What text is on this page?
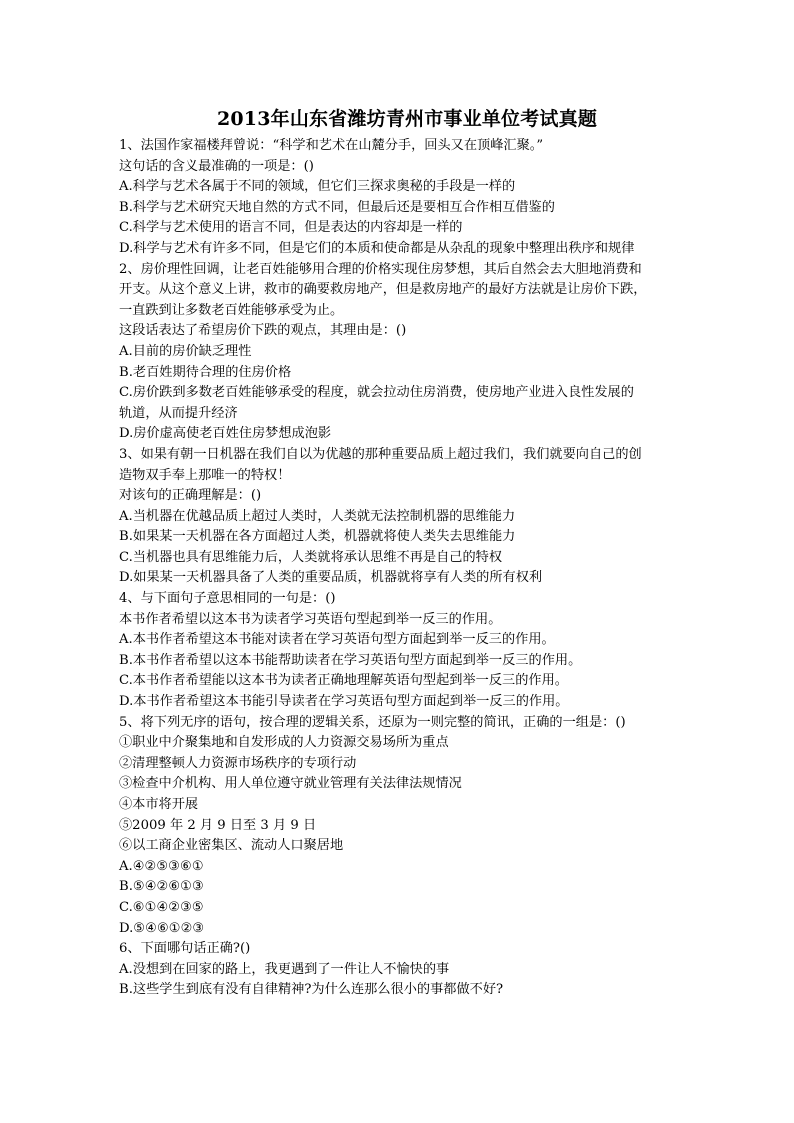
2013年山东省潍坊青州市事业单位考试真题
1、法国作家福楼拜曾说：“科学和艺术在山麓分手，回头又在顶峰汇聚。”
这句话的含义最准确的一项是：()
A.科学与艺术各属于不同的领域，但它们三探求奥秘的手段是一样的
B.科学与艺术研究天地自然的方式不同，但最后还是要相互合作相互借鉴的
C.科学与艺术使用的语言不同，但是表达的内容却是一样的
D.科学与艺术有许多不同，但是它们的本质和使命都是从杂乱的现象中整理出秩序和规律
2、房价理性回调，让老百姓能够用合理的价格实现住房梦想，其后自然会去大胆地消费和
开支。从这个意义上讲，救市的确要救房地产，但是救房地产的最好方法就是让房价下跌，
一直跌到让多数老百姓能够承受为止。
这段话表达了希望房价下跌的观点，其理由是：()
A.目前的房价缺乏理性
B.老百姓期待合理的住房价格
C.房价跌到多数老百姓能够承受的程度，就会拉动住房消费，使房地产业进入良性发展的
轨道，从而提升经济
D.房价虚高使老百姓住房梦想成泡影
3、如果有朝一日机器在我们自以为优越的那种重要品质上超过我们，我们就要向自己的创
造物双手奉上那唯一的特权！
对该句的正确理解是：()
A.当机器在优越品质上超过人类时，人类就无法控制机器的思维能力
B.如果某一天机器在各方面超过人类，机器就将使人类失去思维能力
C.当机器也具有思维能力后，人类就将承认思维不再是自己的特权
D.如果某一天机器具备了人类的重要品质，机器就将享有人类的所有权利
4、与下面句子意思相同的一句是：()
本书作者希望以这本书为读者学习英语句型起到举一反三的作用。
A.本书作者希望这本书能对读者在学习英语句型方面起到举一反三的作用。
B.本书作者希望以这本书能帮助读者在学习英语句型方面起到举一反三的作用。
C.本书作者希望能以这本书为读者正确地理解英语句型起到举一反三的作用。
D.本书作者希望这本书能引导读者在学习英语句型方面起到举一反三的作用。
5、将下列无序的语句，按合理的逻辑关系，还原为一则完整的简讯，正确的一组是：()
①职业中介聚集地和自发形成的人力资源交易场所为重点
②清理整顿人力资源市场秩序的专项行动
③检查中介机构、用人单位遵守就业管理有关法律法规情况
④本市将开展
⑤2009 年 2 月 9 日至 3 月 9 日
⑥以工商企业密集区、流动人口聚居地
A.④②⑤③⑥①
B.⑤④②⑥①③
C.⑥①④②③⑤
D.⑤④⑥①②③
6、下面哪句话正确?()
A.没想到在回家的路上，我更遇到了一件让人不愉快的事
B.这些学生到底有没有自律精神?为什么连那么很小的事都做不好?
